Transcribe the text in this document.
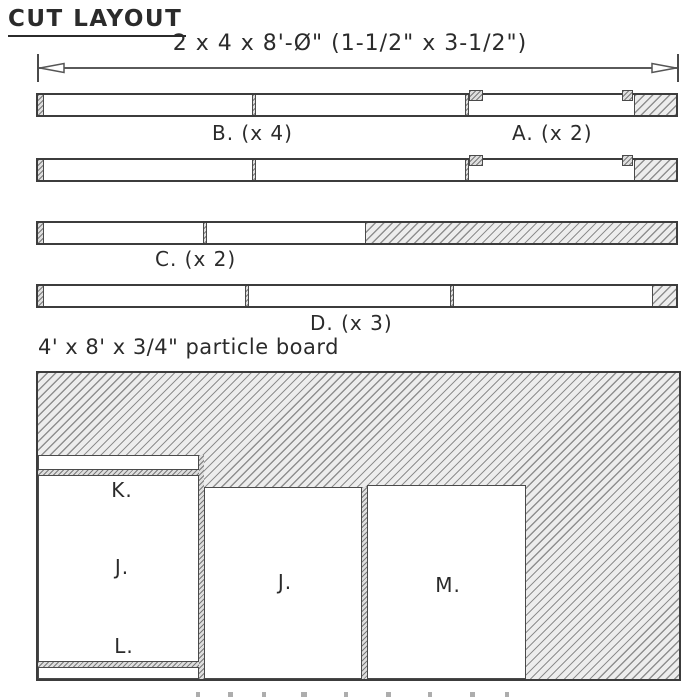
CUT LAYOUT
2 x 4 x 8'-Ø" (1-1/2" x 3-1/2")
B. (x 4)	A. (x 2)
C. (x 2)
D. (x 3)
4' x 8' x 3/4" particle board
K.
J.
L.
J.	M.
